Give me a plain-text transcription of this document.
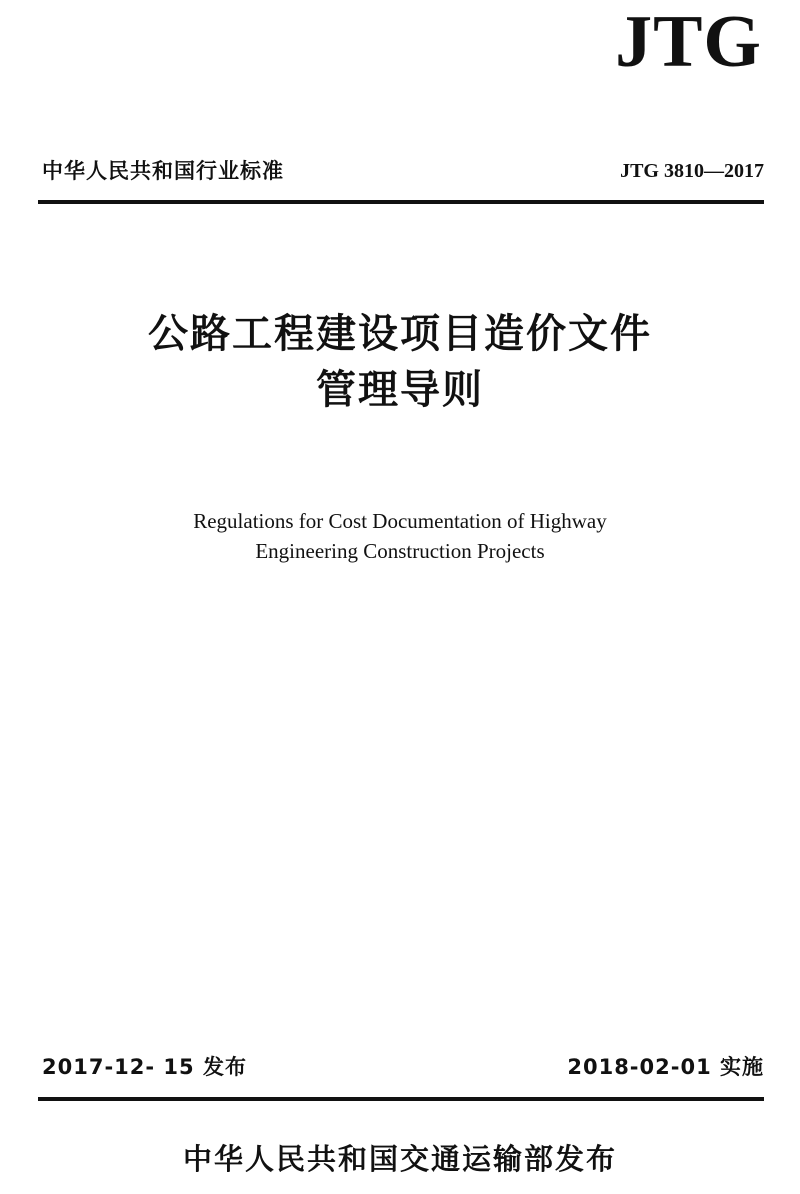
JTG
中华人民共和国行业标准	JTG 3810—2017
公路工程建设项目造价文件
管理导则
Regulations for Cost Documentation of Highway
Engineering Construction Projects
2017-12- 15 发布	2018-02-01 实施
中华人民共和国交通运输部发布
